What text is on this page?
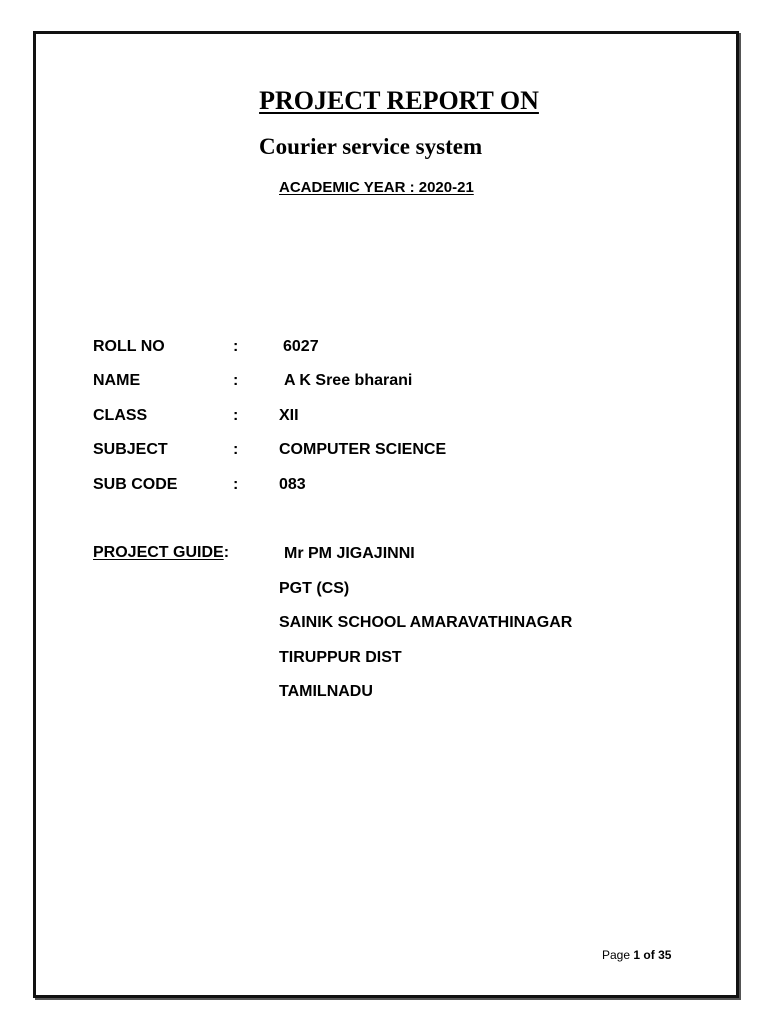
PROJECT REPORT ON
Courier service system
ACADEMIC YEAR : 2020-21
ROLL NO	:	6027
NAME	:	A K Sree bharani
CLASS	:	XII
SUBJECT	:	COMPUTER SCIENCE
SUB CODE	:	083
PROJECT GUIDE:	Mr PM JIGAJINNI
PGT (CS)
SAINIK SCHOOL AMARAVATHINAGAR
TIRUPPUR DIST
TAMILNADU
Page 1 of 35
